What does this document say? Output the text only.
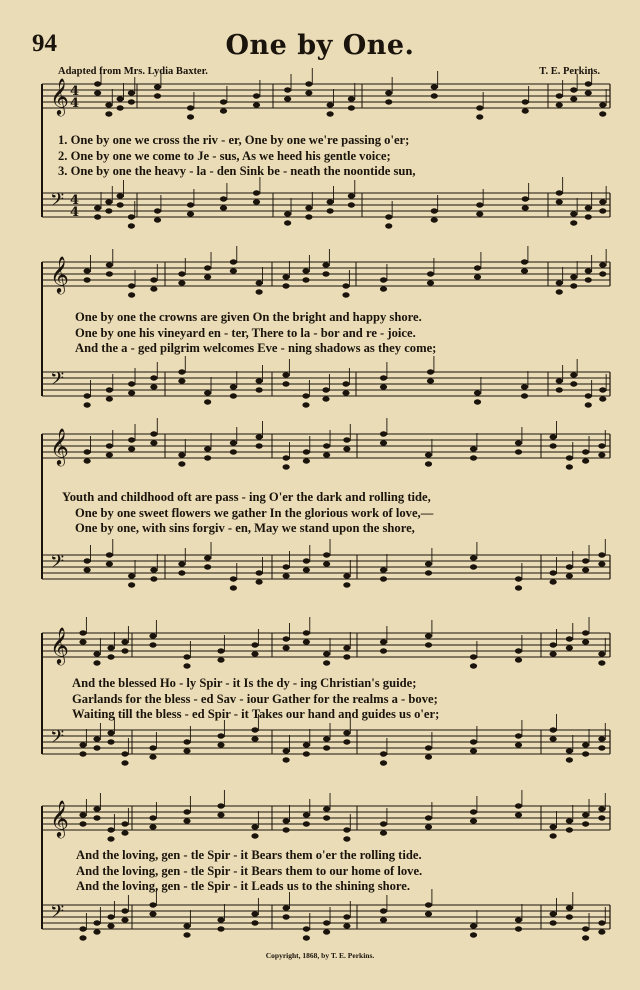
94	One by One.
Adapted from Mrs. Lydia Baxter.	T. E. Perkins.
𝄞
𝄢
4
4
4
4
𝄞
𝄢
𝄞
𝄢
𝄞
𝄢
𝄞
𝄢
1. One by one we cross the riv - er, One by one we're passing o'er;
2. One by one we come to Je - sus, As we heed his gentle voice;
3. One by one the heavy - la - den Sink be - neath the noontide sun,
One by one the crowns are given On the bright and happy shore.
One by one his vineyard en - ter, There to la - bor and re - joice.
And the a - ged pilgrim welcomes Eve - ning shadows as they come;
Youth and childhood oft are pass - ing O'er the dark and rolling tide,
One by one sweet flowers we gather In the glorious work of love,—
One by one, with sins forgiv - en, May we stand upon the shore,
And the blessed Ho - ly Spir - it Is the dy - ing Christian's guide;
Garlands for the bless - ed Sav - iour Gather for the realms a - bove;
Waiting till the bless - ed Spir - it Takes our hand and guides us o'er;
And the loving, gen - tle Spir - it Bears them o'er the rolling tide.
And the loving, gen - tle Spir - it Bears them to our home of love.
And the loving, gen - tle Spir - it Leads us to the shining shore.
Copyright, 1868, by T. E. Perkins.
